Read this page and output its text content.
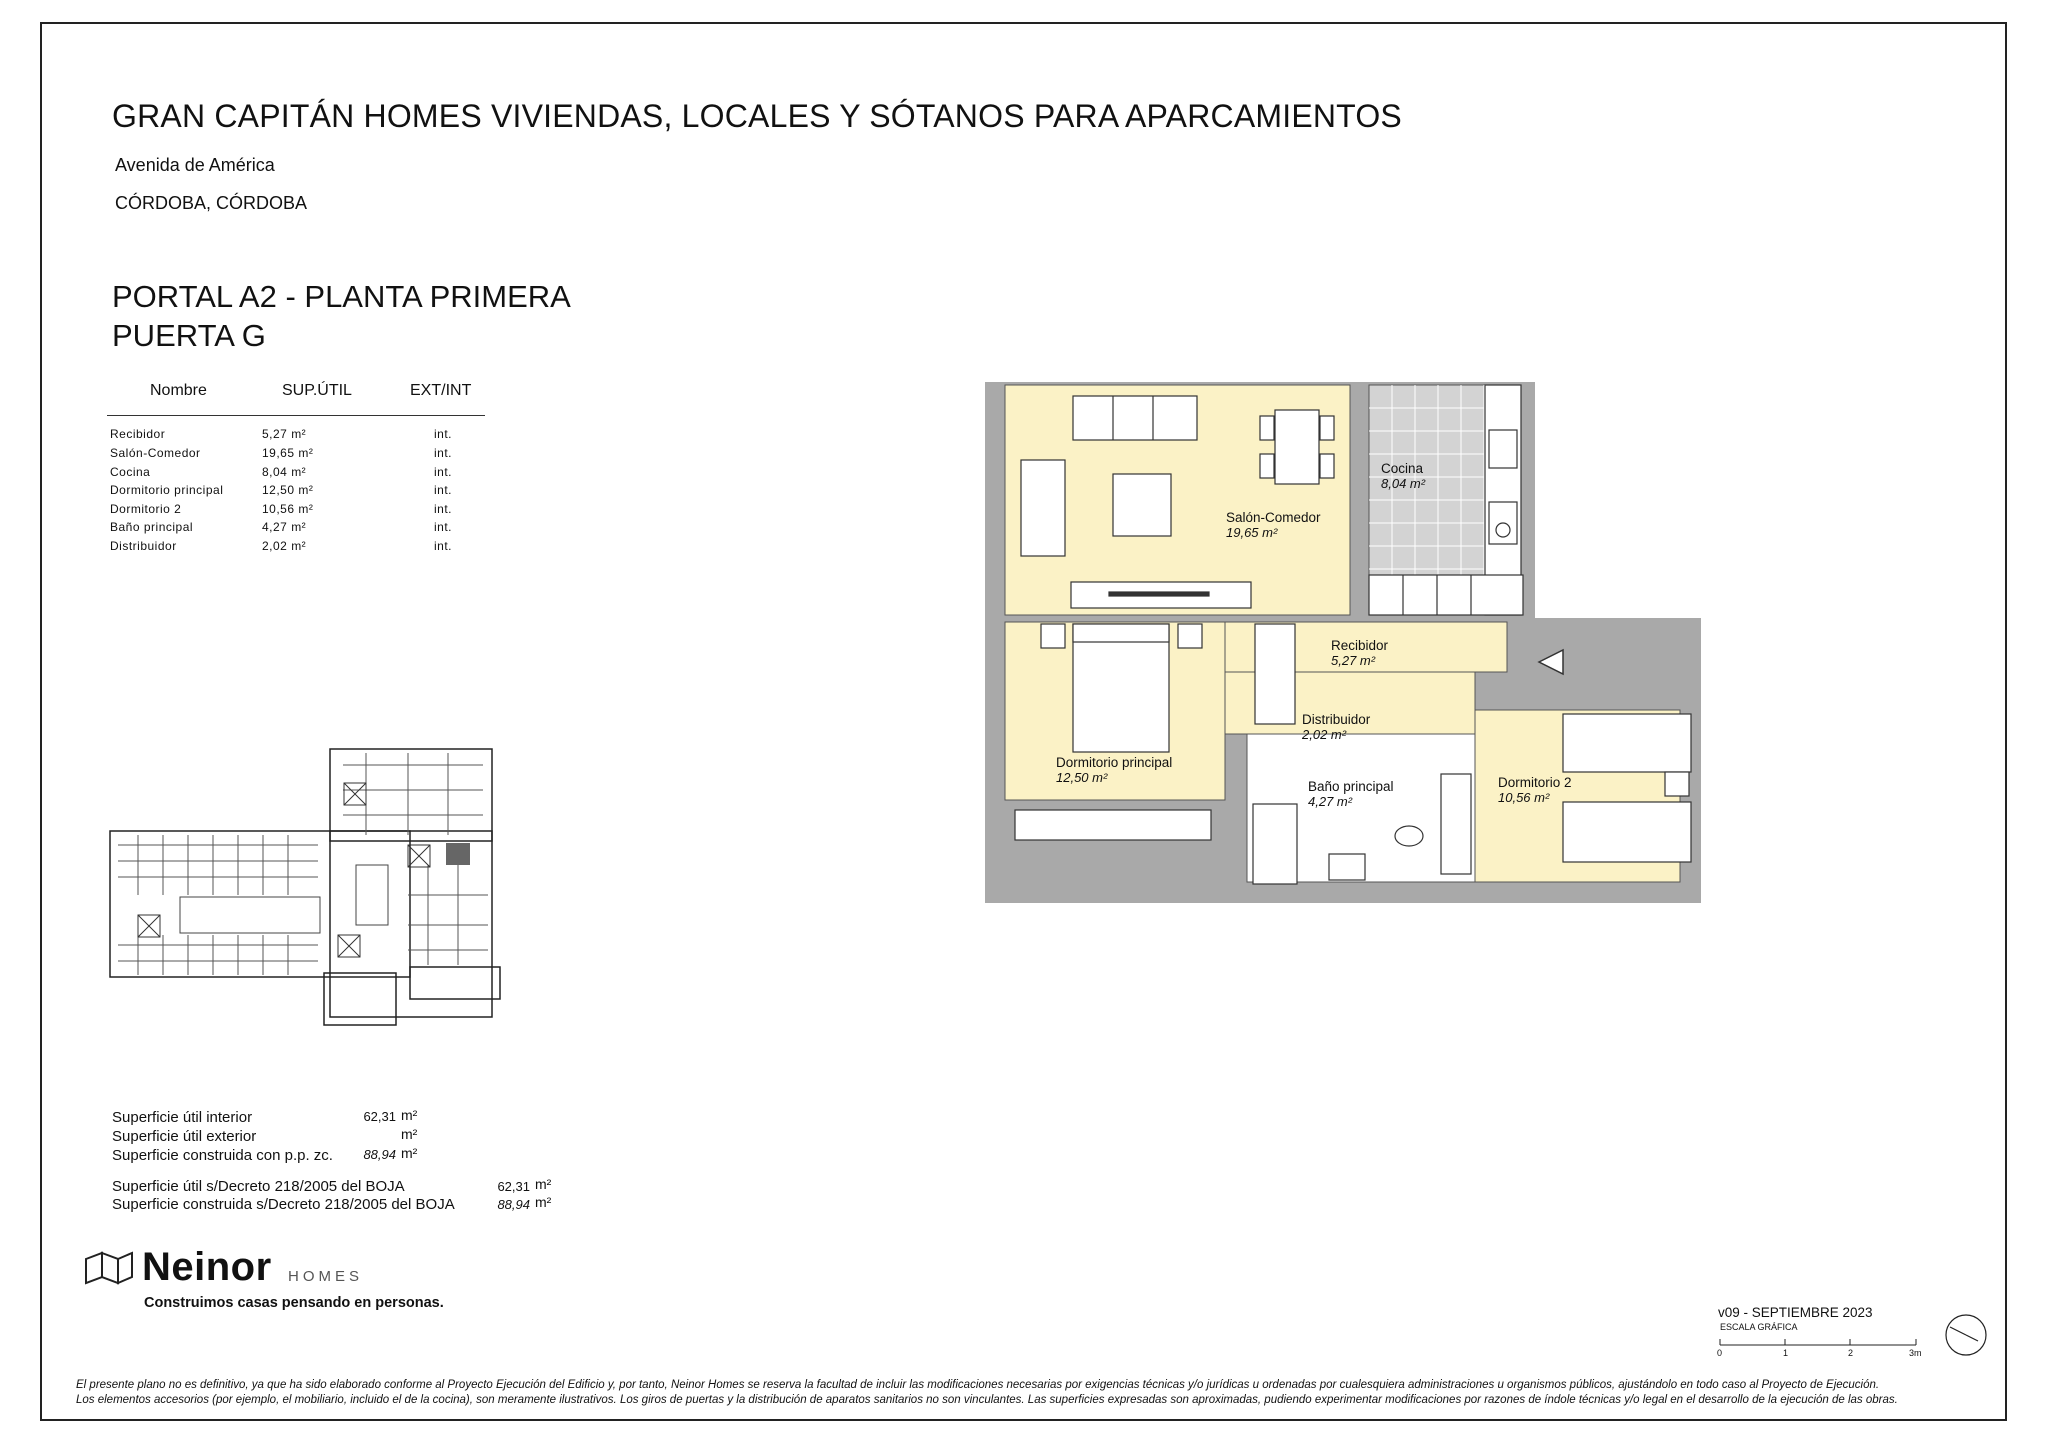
GRAN CAPITÁN HOMES VIVIENDAS, LOCALES Y SÓTANOS PARA APARCAMIENTOS
Avenida de América
CÓRDOBA, CÓRDOBA
PORTAL A2 - PLANTA PRIMERA
PUERTA G
Nombre	SUP.ÚTIL	EXT/INT
Recibidor	5,27 m²	int.
Salón-Comedor	19,65 m²	int.
Cocina	8,04 m²	int.
Dormitorio principal	12,50 m²	int.
Dormitorio 2	10,56 m²	int.
Baño principal	4,27 m²	int.
Distribuidor	2,02 m²	int.
Salón-Comedor
19,65 m²
Cocina
8,04 m²
Recibidor
5,27 m²
Distribuidor
2,02 m²
Dormitorio principal
12,50 m²
Baño principal
4,27 m²
Dormitorio 2
10,56 m²
Superficie útil interior	62,31 m²
Superficie útil exterior	m²
Superficie construida con p.p. zc.	88,94 m²
Superficie útil s/Decreto 218/2005 del BOJA	62,31 m²
Superficie construida s/Decreto 218/2005 del BOJA	88,94 m²
Neinor HOMES
Construimos casas pensando en personas.
v09 - SEPTIEMBRE 2023
ESCALA GRÁFICA
0	1	2	3m
El presente plano no es definitivo, ya que ha sido elaborado conforme al Proyecto Ejecución del Edificio y, por tanto, Neinor Homes se reserva la facultad de incluir las modificaciones necesarias por exigencias técnicas y/o jurídicas u ordenadas por cualesquiera administraciones u organismos públicos, ajustándolo en todo caso al Proyecto de Ejecución.
Los elementos accesorios (por ejemplo, el mobiliario, incluido el de la cocina), son meramente ilustrativos. Los giros de puertas y la distribución de aparatos sanitarios no son vinculantes. Las superficies expresadas son aproximadas, pudiendo experimentar modificaciones por razones de índole técnicas y/o legal en el desarrollo de la ejecución de las obras.
